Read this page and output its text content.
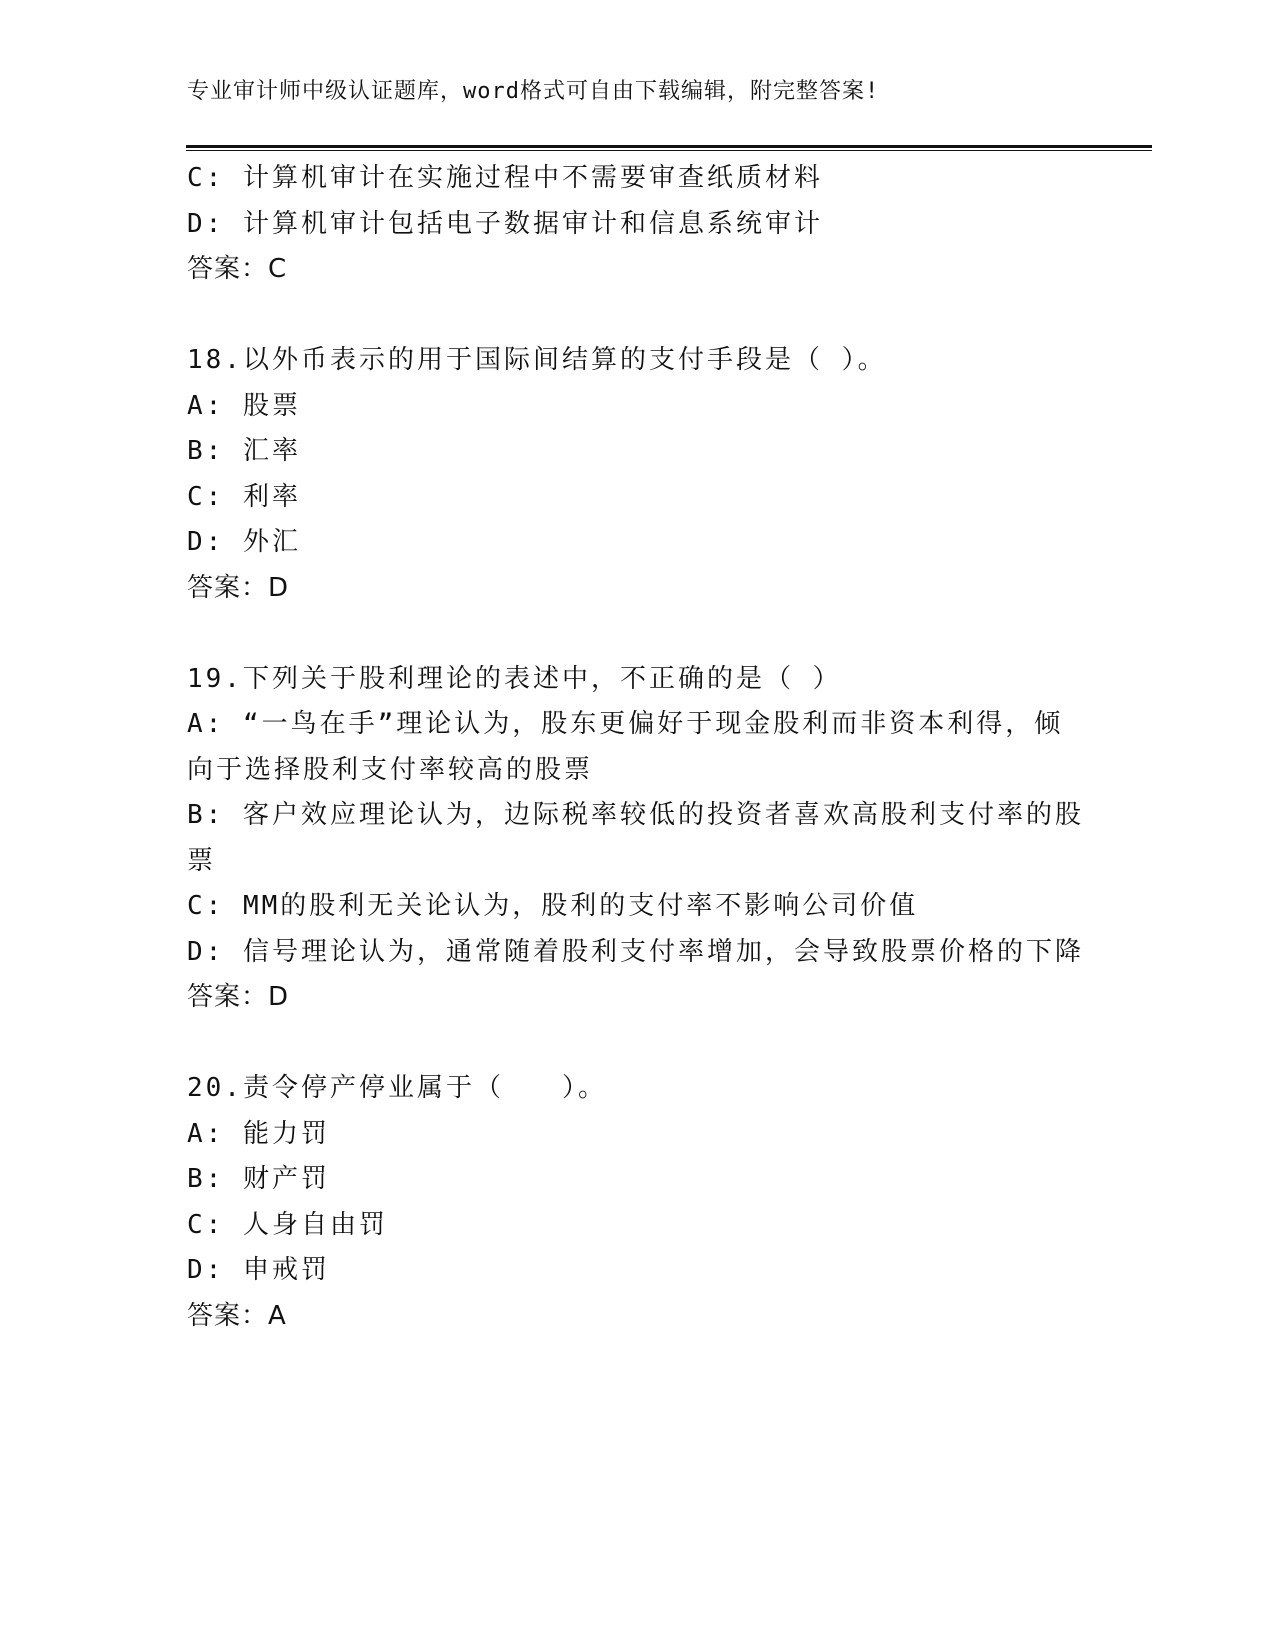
专业审计师中级认证题库，word格式可自由下载编辑，附完整答案!
C: 计算机审计在实施过程中不需要审查纸质材料
D: 计算机审计包括电子数据审计和信息系统审计
答案：C
18.以外币表示的用于国际间结算的支付手段是（ ）。
A: 股票
B: 汇率
C: 利率
D: 外汇
答案：D
19.下列关于股利理论的表述中，不正确的是（ ）
A: “一鸟在手”理论认为，股东更偏好于现金股利而非资本利得，倾
向于选择股利支付率较高的股票
B: 客户效应理论认为，边际税率较低的投资者喜欢高股利支付率的股
票
C: MM的股利无关论认为，股利的支付率不影响公司价值
D: 信号理论认为，通常随着股利支付率增加，会导致股票价格的下降
答案：D
20.责令停产停业属于（　　）。
A: 能力罚
B: 财产罚
C: 人身自由罚
D: 申戒罚
答案：A
